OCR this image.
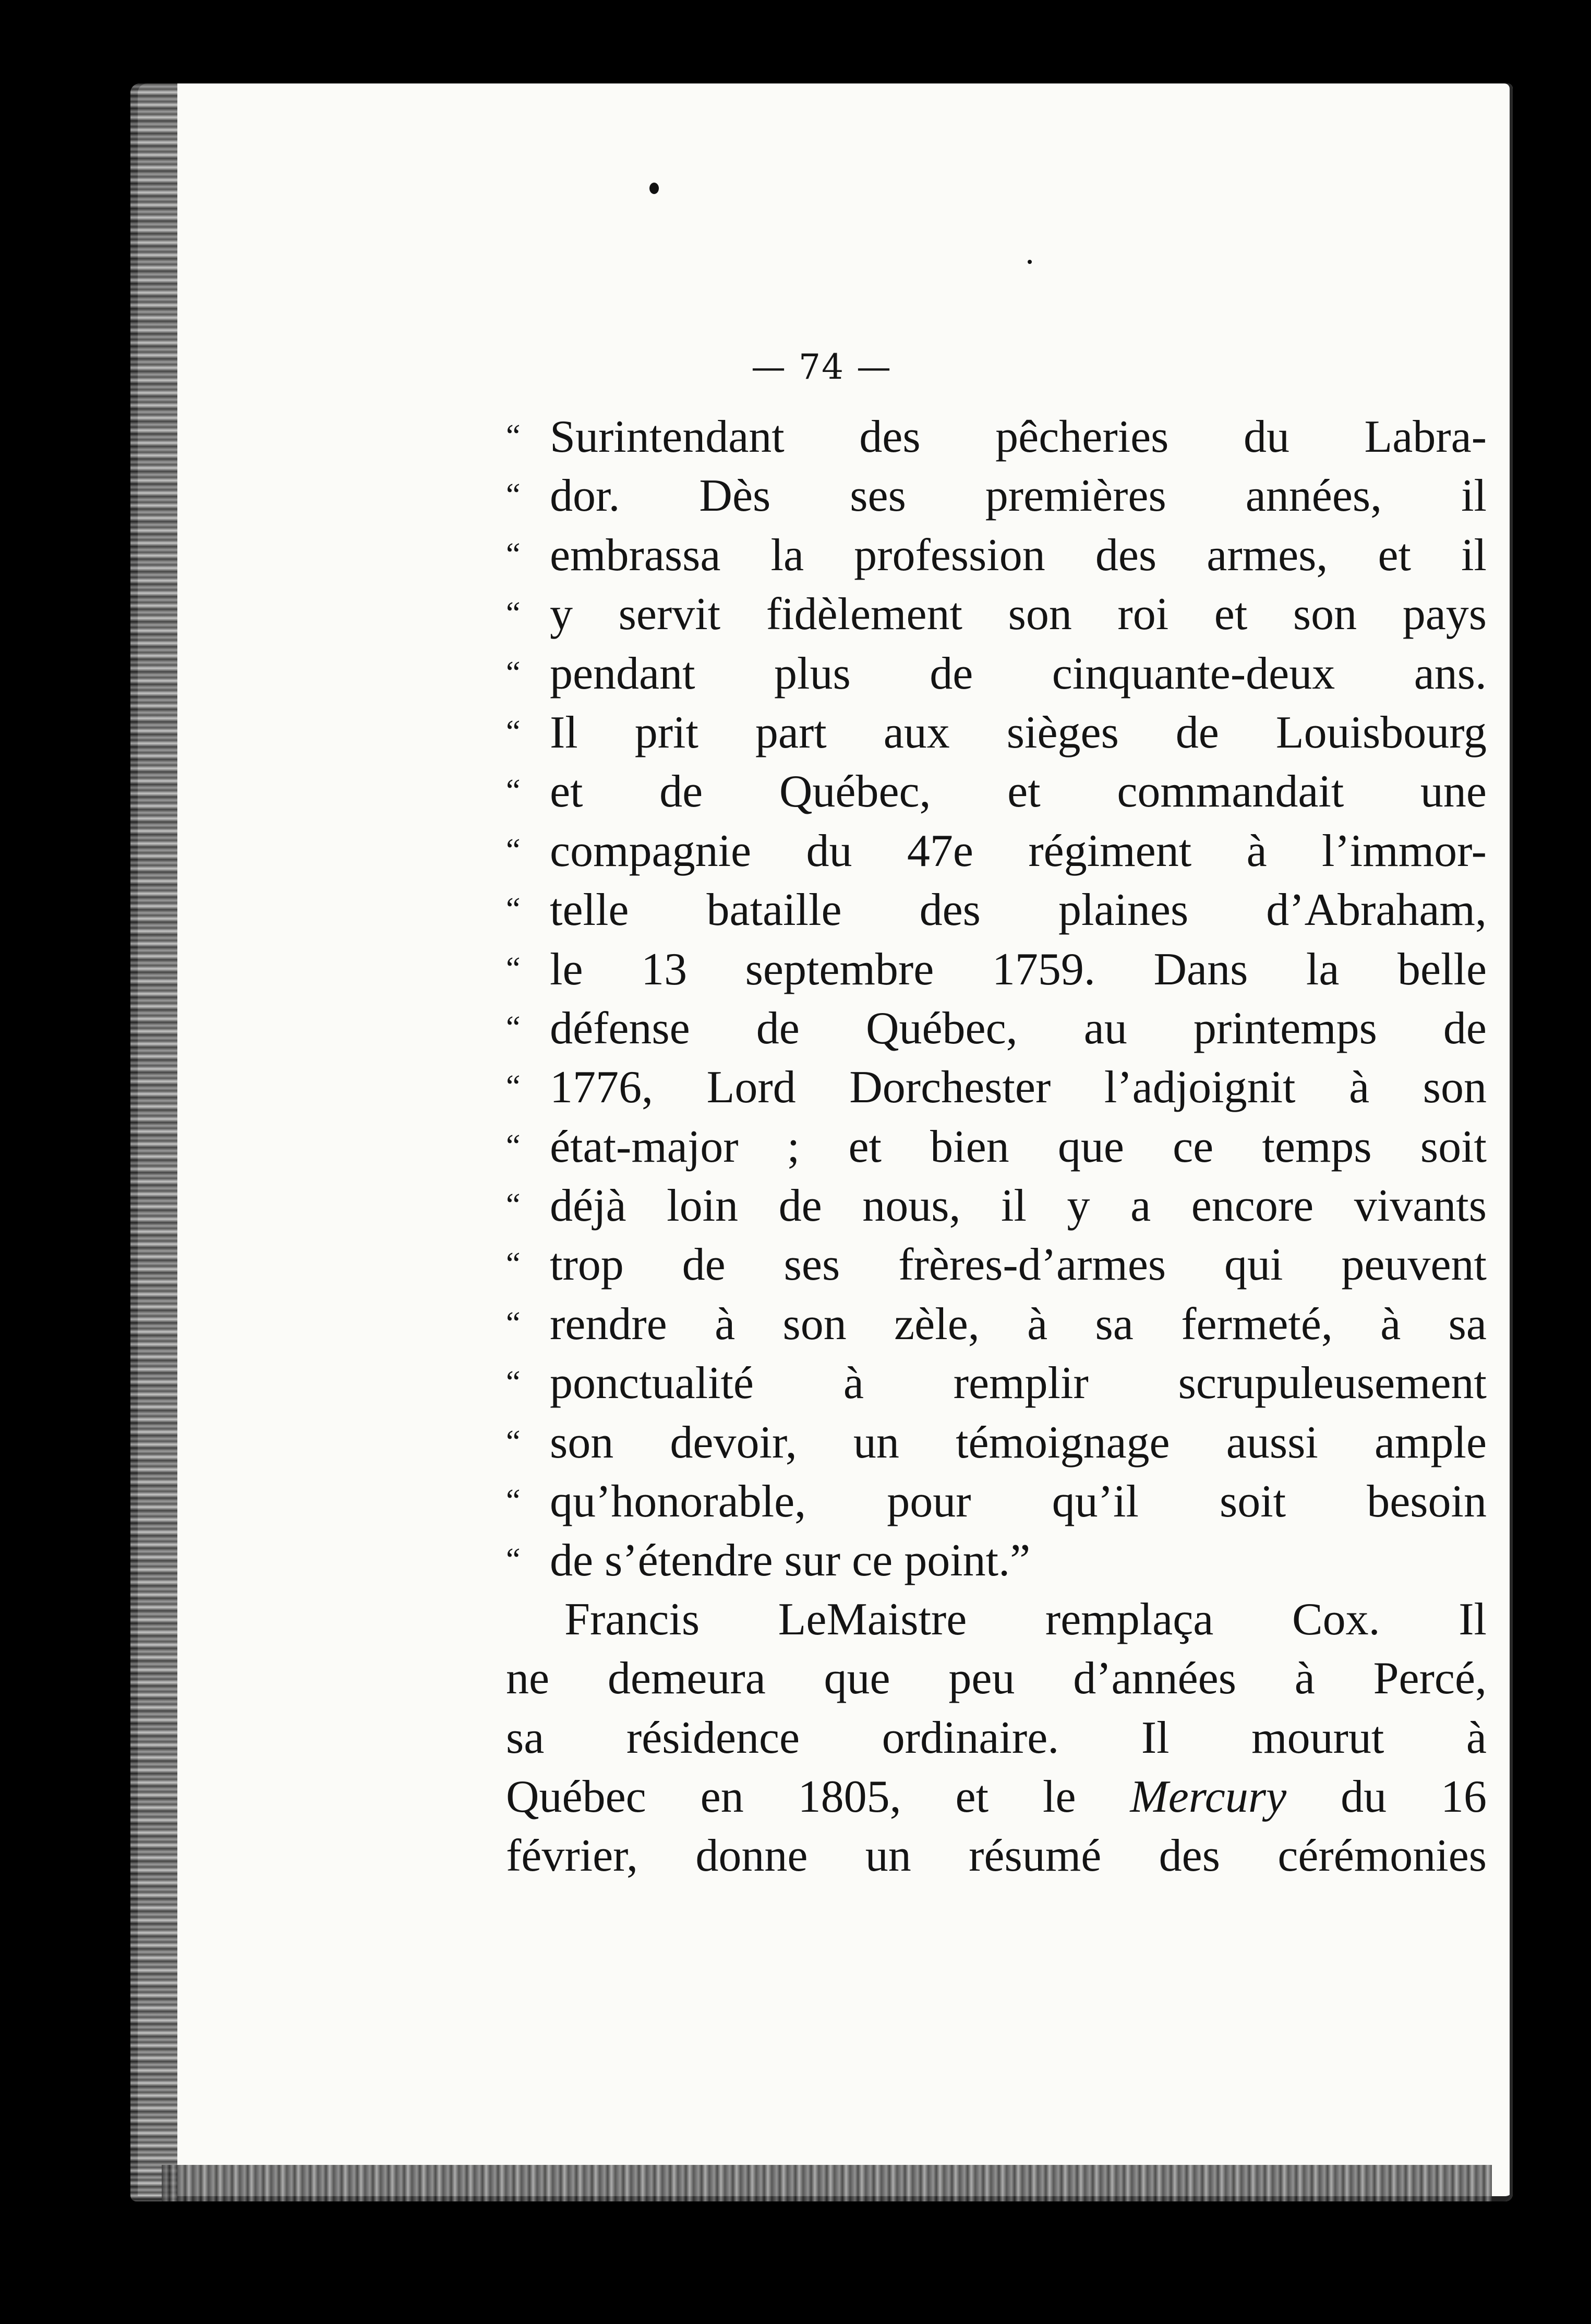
— 74 —
“ Surintendant des pêcheries du Labra-
“ dor. Dès ses premières années, il
“ embrassa la profession des armes, et il
“ y servit fidèlement son roi et son pays
“ pendant plus de cinquante-deux ans.
“ Il prit part aux sièges de Louisbourg
“ et de Québec, et commandait une
“ compagnie du 47e régiment à l’immor-
“ telle bataille des plaines d’Abraham,
“ le 13 septembre 1759. Dans la belle
“ défense de Québec, au printemps de
“ 1776, Lord Dorchester l’adjoignit à son
“ état-major ; et bien que ce temps soit
“ déjà loin de nous, il y a encore vivants
“ trop de ses frères-d’armes qui peuvent
“ rendre à son zèle, à sa fermeté, à sa
“ ponctualité à remplir scrupuleusement
“ son devoir, un témoignage aussi ample
“ qu’honorable, pour qu’il soit besoin
“ de s’étendre sur ce point.”
Francis LeMaistre remplaça Cox. Il
ne demeura que peu d’années à Percé,
sa résidence ordinaire. Il mourut à
Québec en 1805, et le Mercury du 16
février, donne un résumé des cérémonies
